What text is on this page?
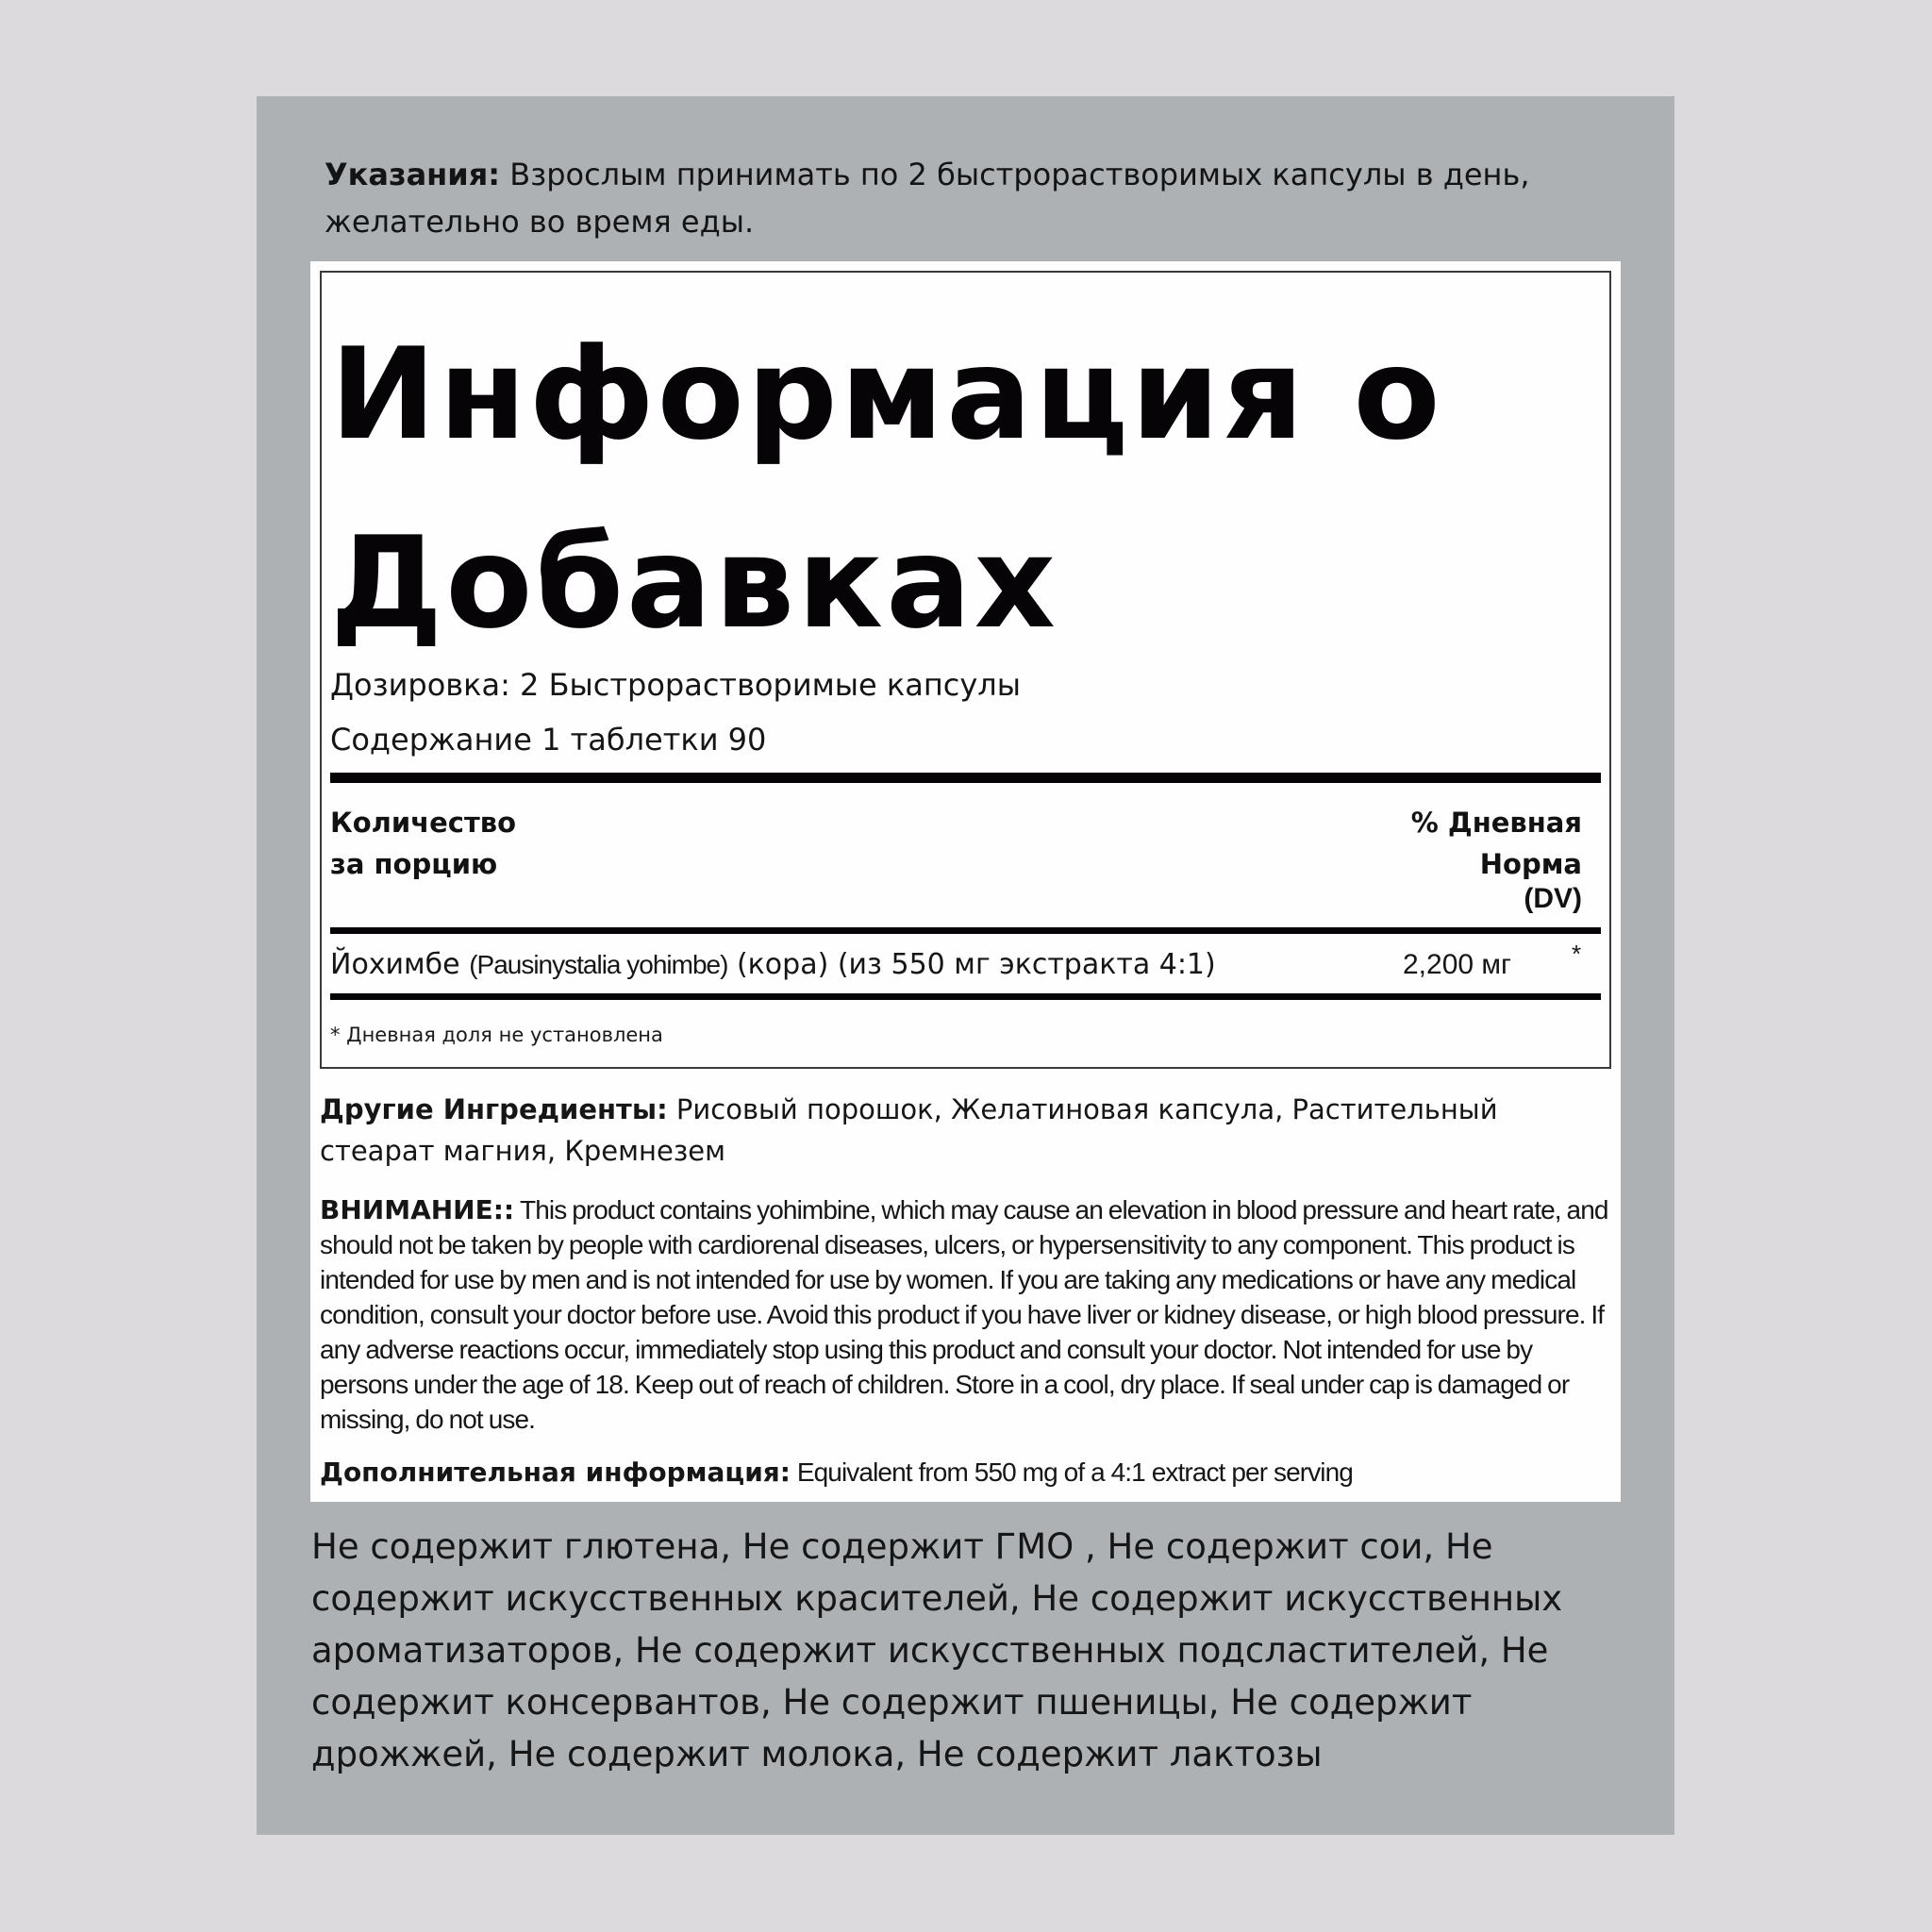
Указания: Взрослым принимать по 2 быстрорастворимых капсулы в день, желательно во время еды.
Информация о
Добавках
Дозировка: 2 Быстрорастворимые капсулы
Содержание 1 таблетки 90
Количество
за порцию
% Дневная
Норма
(DV)
Йохимбе (Pausinystalia yohimbe) (кора) (из 550 мг экстракта 4:1)	2,200 мг *
* Дневная доля не установлена
Другие Ингредиенты: Рисовый порошок, Желатиновая капсула, Растительный стеарат магния, Кремнезем
ВНИМАНИЕ:: This product contains yohimbine, which may cause an elevation in blood pressure and heart rate, and should not be taken by people with cardiorenal diseases, ulcers, or hypersensitivity to any component. This product is intended for use by men and is not intended for use by women. If you are taking any medications or have any medical condition, consult your doctor before use. Avoid this product if you have liver or kidney disease, or high blood pressure. If any adverse reactions occur, immediately stop using this product and consult your doctor. Not intended for use by persons under the age of 18. Keep out of reach of children. Store in a cool, dry place. If seal under cap is damaged or missing, do not use.
Дополнительная информация: Equivalent from 550 mg of a 4:1 extract per serving
Не содержит глютена, Не содержит ГМО , Не содержит сои, Не содержит искусственных красителей, Не содержит искусственных ароматизаторов, Не содержит искусственных подсластителей, Не содержит консервантов, Не содержит пшеницы, Не содержит дрожжей, Не содержит молока, Не содержит лактозы
